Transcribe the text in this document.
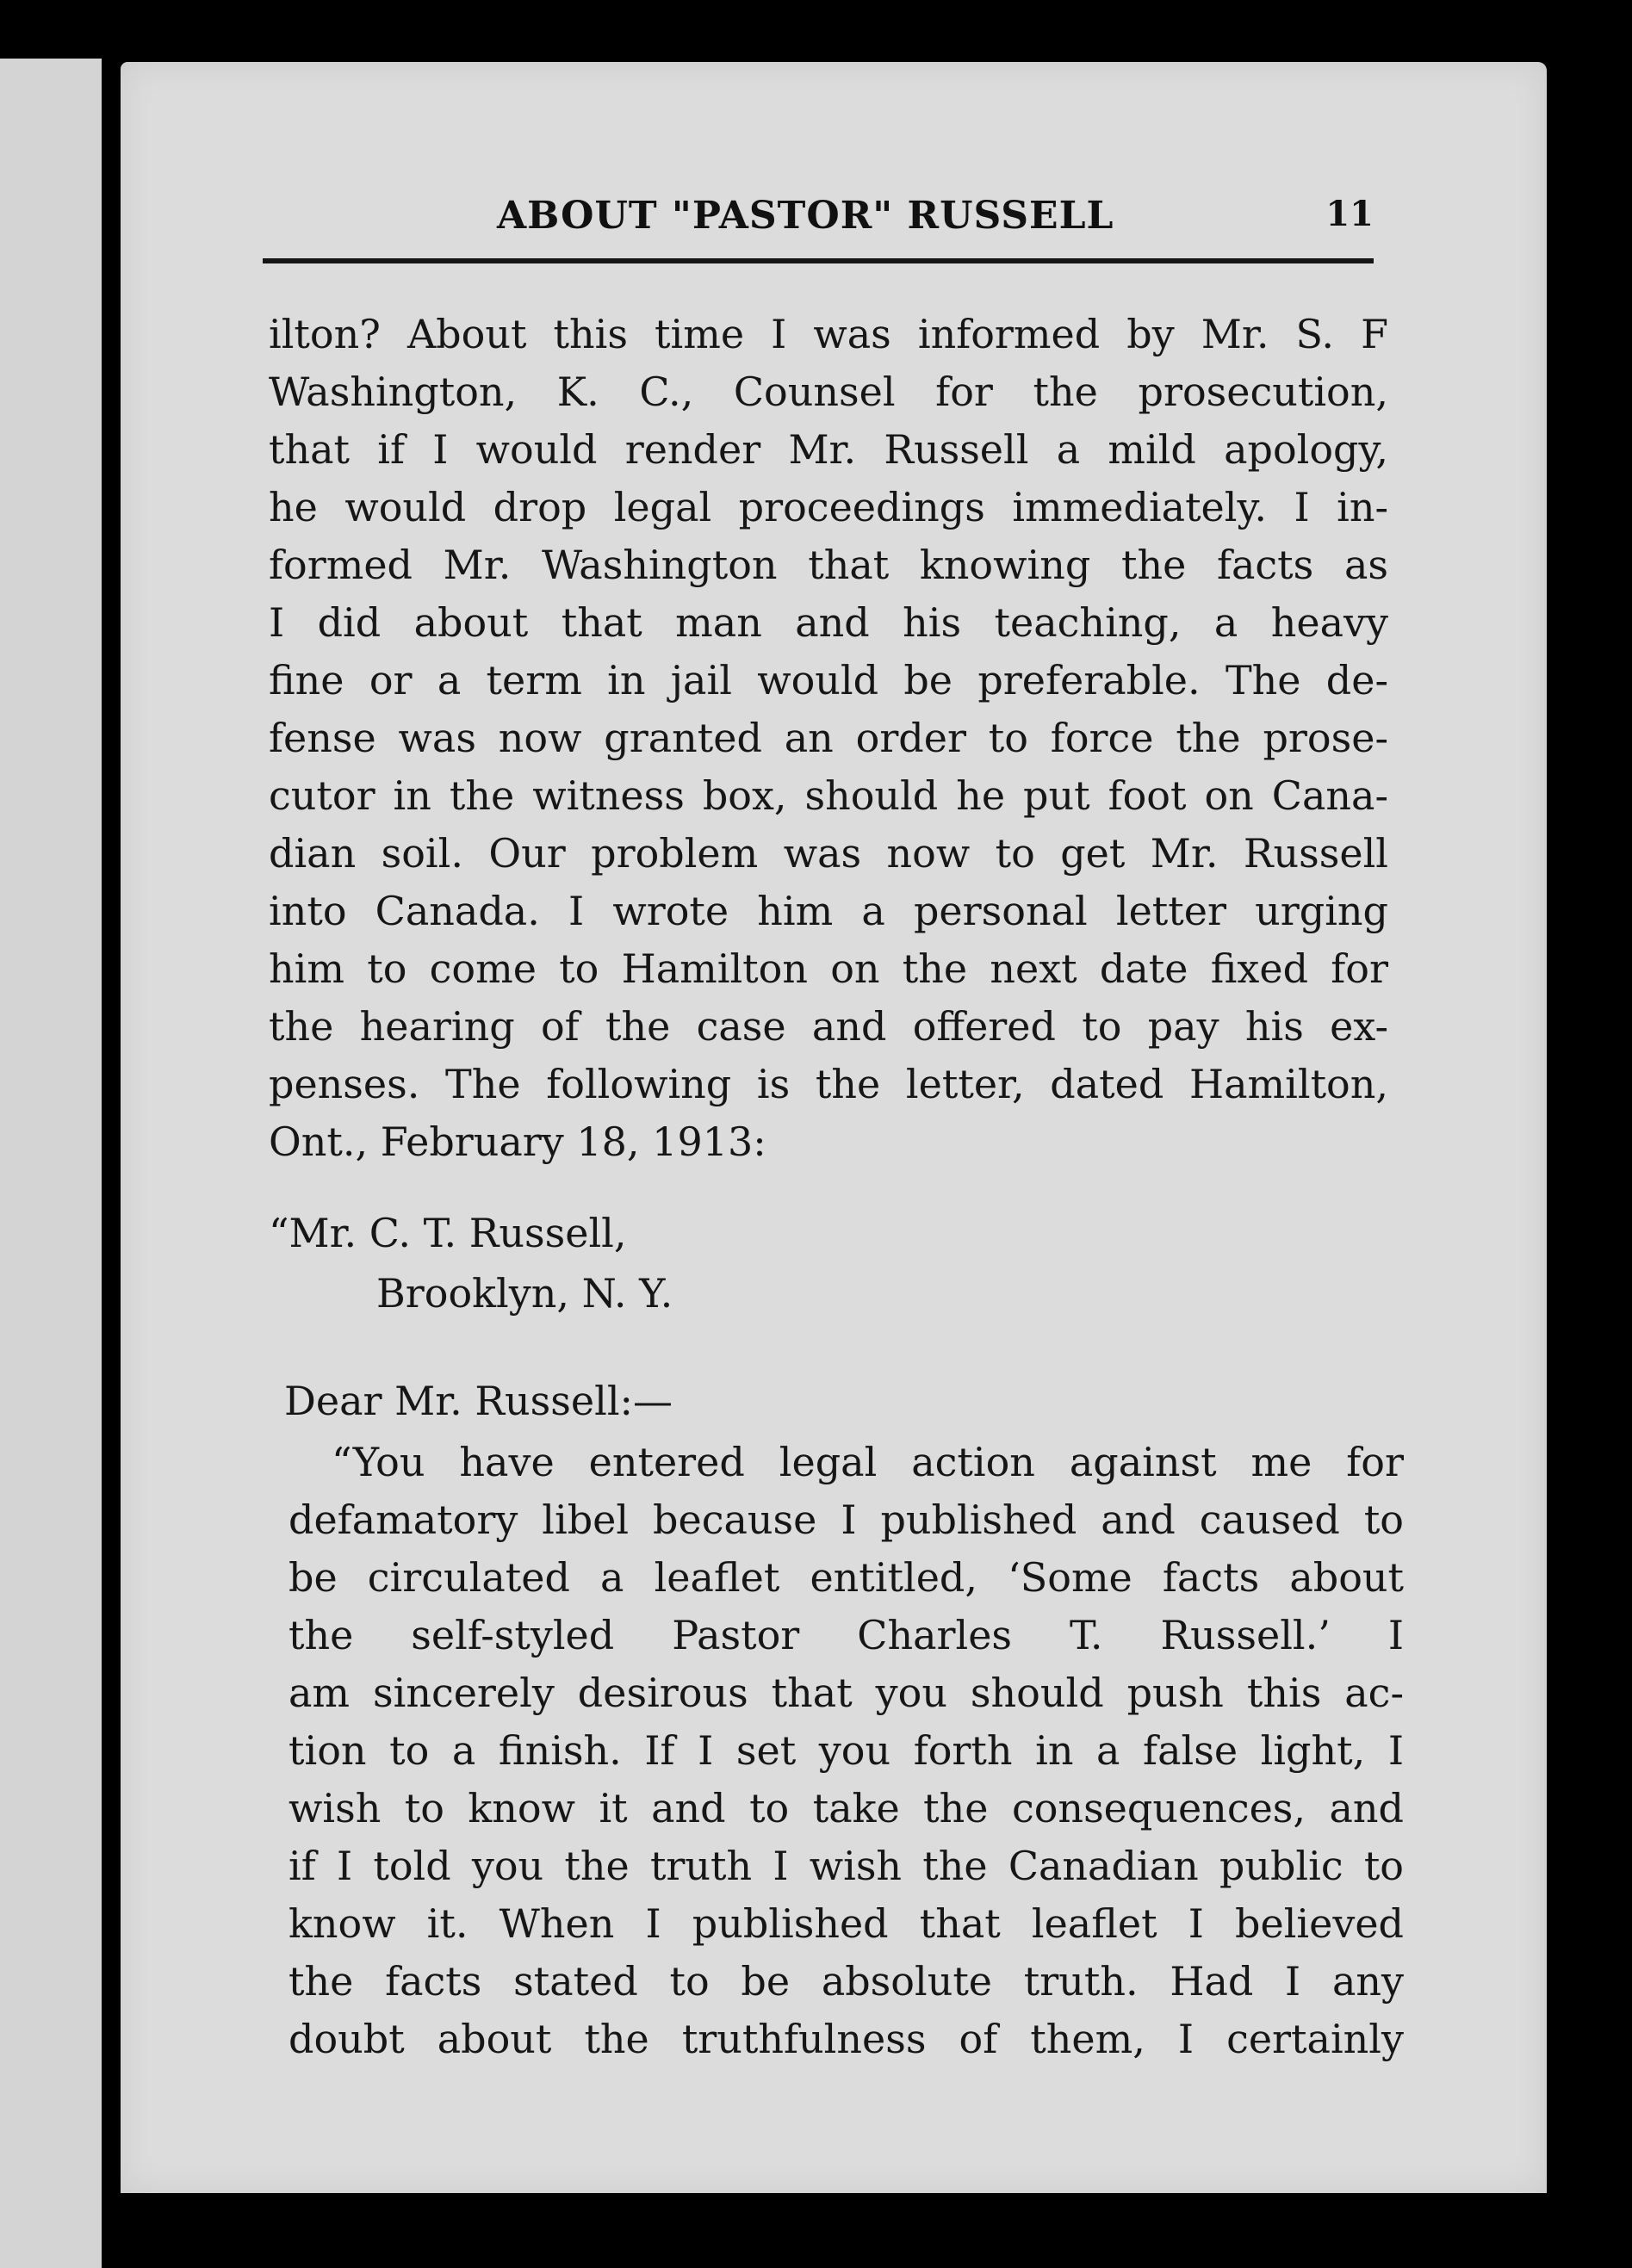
ABOUT "PASTOR" RUSSELL	11
ilton? About this time I was informed by Mr. S. F
Washington, K. C., Counsel for the prosecution,
that if I would render Mr. Russell a mild apology,
he would drop legal proceedings immediately. I in-
formed Mr. Washington that knowing the facts as
I did about that man and his teaching, a heavy
fine or a term in jail would be preferable. The de-
fense was now granted an order to force the prose-
cutor in the witness box, should he put foot on Cana-
dian soil. Our problem was now to get Mr. Russell
into Canada. I wrote him a personal letter urging
him to come to Hamilton on the next date fixed for
the hearing of the case and offered to pay his ex-
penses. The following is the letter, dated Hamilton,
Ont., February 18, 1913:
“Mr. C. T. Russell,
Brooklyn, N. Y.
Dear Mr. Russell:—
“You have entered legal action against me for
defamatory libel because I published and caused to
be circulated a leaflet entitled, ‘Some facts about
the self-styled Pastor Charles T. Russell.’ I
am sincerely desirous that you should push this ac-
tion to a finish. If I set you forth in a false light, I
wish to know it and to take the consequences, and
if I told you the truth I wish the Canadian public to
know it. When I published that leaflet I believed
the facts stated to be absolute truth. Had I any
doubt about the truthfulness of them, I certainly
